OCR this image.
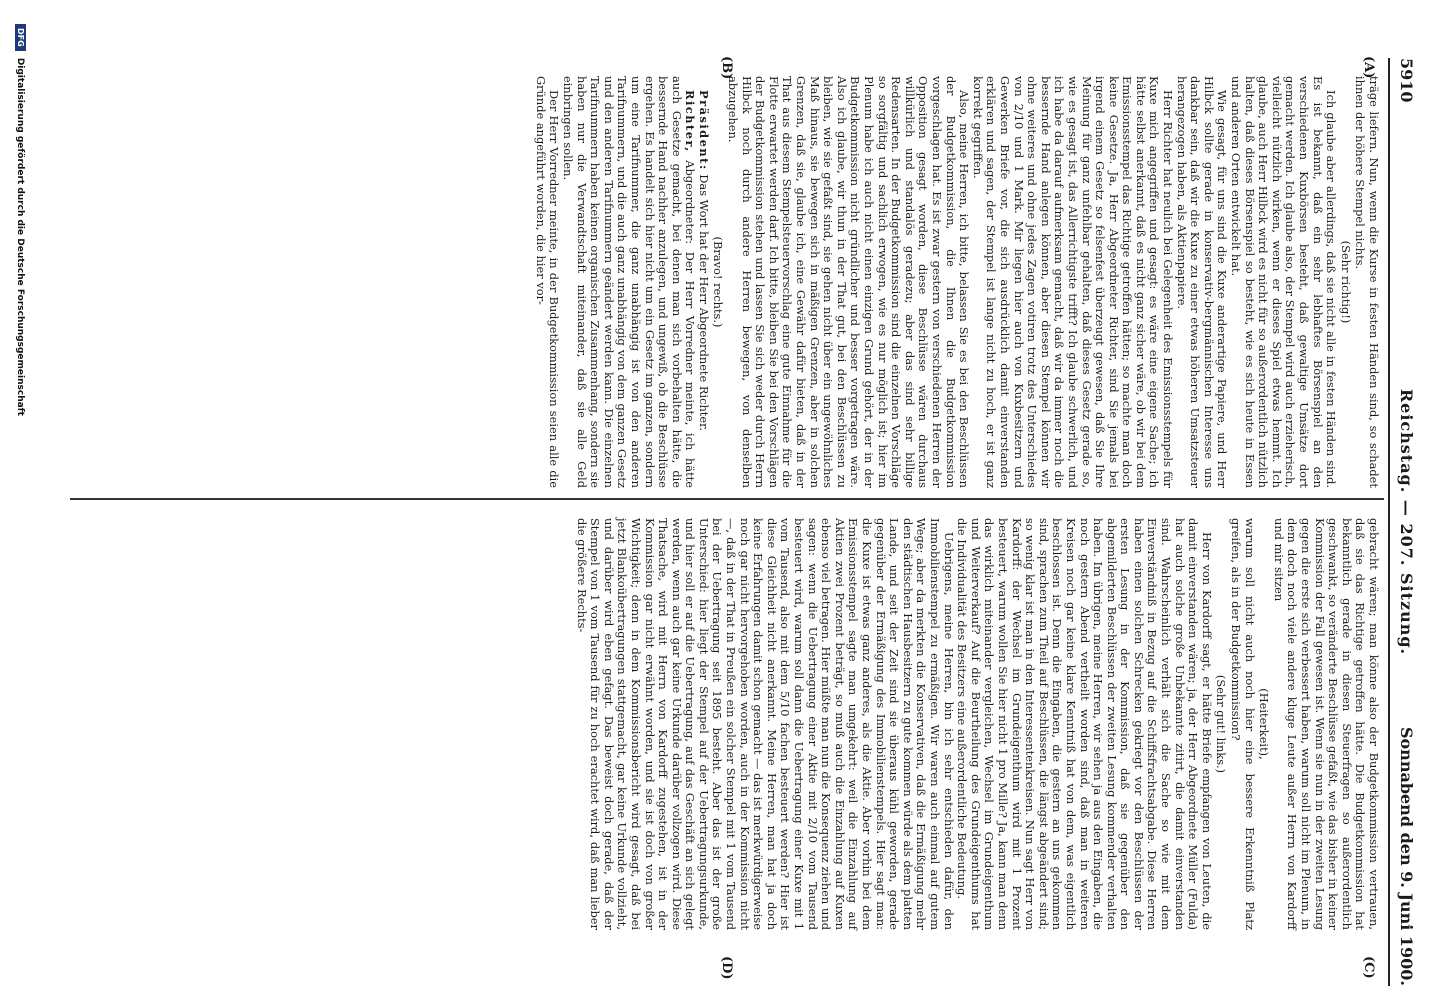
5910
Reichstag. — 207. Sitzung.
Sonnabend den 9. Juni 1900.
(A)
(B)
(C)
(D)

träge liefern. Nun, wenn die Kurse in festen Händen sind, so schadet ihnen der höhere Stempel nichts.

(Sehr richtig!)

Ich glaube aber allerdings, daß sie nicht alle in festen Händen sind. Es ist bekannt, daß ein sehr lebhaftes Börsenspiel an den verschiedenen Kuxbörsen besteht, daß gewaltige Umsätze dort gemacht werden. Ich glaube also, der Stempel wird auch erzieherisch, vielleicht nützlich wirken, wenn er dieses Spiel etwas hemmt. Ich glaube, auch Herr Hilbck wird es nicht für so außerordentlich nützlich halten, daß dieses Börsenspiel so besteht, wie es sich heute in Essen und anderen Orten entwickelt hat.

Wie gesagt, für uns sind die Kuxe anderartige Papiere, und Herr Hilbck sollte gerade in konservativ-bergmännischen Interesse uns dankbar sein, daß wir die Kuxe zu einer etwas höheren Umsatzsteuer herangezogen haben, als Aktienpapiere.

Herr Richter hat neulich bei Gelegenheit des Emissionsstempels für Kuxe mich angegriffen und gesagt: es wäre eine eigene Sache; ich hätte selbst anerkannt, daß es nicht ganz sicher wäre, ob wir bei dem Emissionsstempel das Richtige getroffen hätten; so machte man doch keine Gesetze. Ja, Herr Abgeordneter Richter, sind Sie jemals bei irgend einem Gesetz so felsenfest überzeugt gewesen, daß Sie Ihre Meinung für ganz unfehlbar gehalten, daß dieses Gesetz gerade so, wie es gesagt ist, das Allerrichtigste trifft? Ich glaube schwerlich, und ich habe da darauf aufmerksam gemacht, daß wir da immer noch die bessernde Hand anlegen können, aber diesen Stempel können wir ohne weiteres und ohne jedes Zagen votiren trotz des Unterschiedes von 2/10 und 1 Mark. Mir liegen hier auch von Kuxbesitzern und Gewerken Briefe vor, die sich ausdrücklich damit einverstanden erklären und sagen, der Stempel ist lange nicht zu hoch, er ist ganz korrekt gegriffen.

Also, meine Herren, ich bitte, belassen Sie es bei den Beschlüssen der Budgetkommission, die Ihnen die Budgetkommission vorgeschlagen hat. Es ist zwar gestern von verschiedenen Herren der Opposition gesagt worden, diese Beschlüsse wären durchaus willkürlich und standalös geradezu; aber das sind sehr billige Redensarten. In der Budgetkommission sind die einzelnen Vorschläge so sorgfältig und sachlich erwogen, wie es nur möglich ist; hier im Plenum habe ich auch nicht einen einzigen Grund gehört, der in der Budgetkommission nicht gründlicher und besser vorgetragen wäre. Also ich glaube, wir thun in der That gut, bei den Beschlüssen zu bleiben, wie sie gefaßt sind, sie gehen nicht über ein ungewöhnliches Maß hinaus, sie bewegen sich in mäßigen Grenzen, aber in solchen Grenzen, daß sie, glaube ich, eine Gewähr dafür bieten, daß in der That aus diesem Stempelsteuervorschlag eine gute Einnahme für die Flotte erwartet werden darf. Ich bitte, bleiben Sie bei den Vorschlägen der Budgetkommission stehen und lassen Sie sich weder durch Herrn Hilbck noch durch andere Herren bewegen, von denselben abzugehen.

(Bravo! rechts.)

Präsident: Das Wort hat der Herr Abgeordnete Richter.

Richter, Abgeordneter: Der Herr Vorredner meinte, ich hätte auch Gesetze gemacht, bei denen man sich vorbehalten hätte, die bessernde Hand nachher anzulegen, und ungewiß, ob die Beschlüsse ergehen. Es handelt sich hier nicht um ein Gesetz im ganzen, sondern um eine Tarifnummer, die ganz unabhängig ist von den anderen Tarifnummern, und die auch ganz unabhängig von dem ganzen Gesetz und den anderen Tarifnummern geändert werden kann. Die einzelnen Tarifnummern haben keinen organischen Zusammenhang, sondern sie haben nur die Verwandtschaft miteinander, daß sie alle Geld einbringen sollen.

Der Herr Vorredner meinte, in der Budgetkommission seien alle die Gründe angeführt worden, die hier vor-

gebracht wären; man könne also der Budgetkommission vertrauen, daß sie das Richtige getroffen hätte. Die Budgetkommission hat bekanntlich gerade in diesen Steuerfragen so außerordentlich geschwankt, so veränderte Beschlüsse gefaßt, wie das bisher in keiner Kommission der Fall gewesen ist. Wenn sie nun in der zweiten Lesung gegen die erste sich verbessert haben, warum soll nicht im Plenum, in dem doch noch viele andere kluge Leute außer Herrn von Kardorff und mir sitzen

(Heiterkeit),

warum soll nicht auch noch hier eine bessere Erkenntniß Platz greifen, als in der Budgetkommission?

(Sehr gut! links.)

Herr von Kardorff sagt, er hätte Briefe empfangen von Leuten, die damit einverstanden wären; ja, der Herr Abgeordnete Müller (Fulda) hat auch solche große Unbekannte zitirt, die damit einverstanden sind. Wahrscheinlich verhält sich die Sache so wie mit dem Einverständniß in Bezug auf die Schiffsfrachtsabgabe. Diese Herren haben einen solchen Schrecken gekriegt vor den Beschlüssen der ersten Lesung in der Kommission, daß sie gegenüber den abgemilderten Beschlüssen der zweiten Lesung kommender verhalten haben. Im übrigen, meine Herren, wir sehen ja aus den Eingaben, die noch gestern Abend vertheilt worden sind, daß man in weiteren Kreisen noch gar keine klare Kenntniß hat von dem, was eigentlich beschlossen ist. Denn die Eingaben, die gestern an uns gekommen sind, sprachen zum Theil auf Beschlüssen, die längst abgeändert sind; so wenig klar ist man in den Interessentenkreisen. Nun sagt Herr von Kardorff: der Wechsel im Grundeigenthum wird mit 1 Prozent besteuert, warum wollen Sie hier nicht 1 pro Mille? Ja, kann man denn das wirklich miteinander vergleichen, Wechsel im Grundeigenthum und Weiterverkauf? Auf die Beurtheilung des Grundeigenthums hat die Individualität des Besitzers eine außerordentliche Bedeutung.

Uebrigens, meine Herren, bin ich sehr entschieden dafür, den Immobilienstempel zu ermäßigen. Wir waren auch einmal auf gutem Wege; aber da merkten die Konservativen, daß die Ermäßigung mehr den städtischen Hausbesitzern zu gute kommen würde als dem platten Lande, und seit der Zeit sind sie überaus kühl geworden, gerade gegenüber der Ermäßigung des Immobilienstempels. Hier sagt man: die Kuxe ist etwas ganz anderes, als die Aktie. Aber vorhin bei dem Emissionsstempel sagte man umgekehrt: weil die Einzahlung auf Aktien zwei Prozent beträgt, so muß auch die Einzahlung auf Kuxen ebenso viel betragen. Hier müßte man nun die Konsequenz ziehen und sagen: wenn die Uebertragung einer Aktie mit 2/10 vom Tausend besteuert wird, warum soll dann die Uebertragung einer Kuxe mit 1 vom Tausend, also mit dem 5/10 fachen besteuert werden? Hier ist diese Gleichheit nicht anerkannt. Meine Herren, man hat ja doch keine Erfahrungen damit schon gemacht — das ist merkwürdigerweise noch gar nicht hervorgehoben worden, auch in der Kommission nicht —, daß in der That in Preußen ein solcher Stempel mit 1 vom Tausend bei der Uebertragung seit 1895 besteht. Aber das ist der große Unterschied: hier liegt der Stempel auf der Uebertragungsurkunde, und hier soll er auf die Uebertragung, auf das Geschäft an sich gelegt werden, wenn auch gar keine Urkunde darüber vollzogen wird. Diese Thatsache, wird mit Herrn von Kardorff zugestehen, ist in der Kommission gar nicht erwähnt worden, und sie ist doch von großer Wichtigkeit; denn in dem Kommissionsbericht wird gesagt, daß bei jetzt Blankoübertragungen stattgemacht, gar keine Urkunde vollzieht, und darüber wird eben gefagt. Das beweist doch gerade, daß der Stempel von 1 vom Tausend für zu hoch erachtet wird, daß man lieber die größere Rechts-

DFG Digitalisierung gefördert durch die Deutsche Forschungsgemeinschaft
